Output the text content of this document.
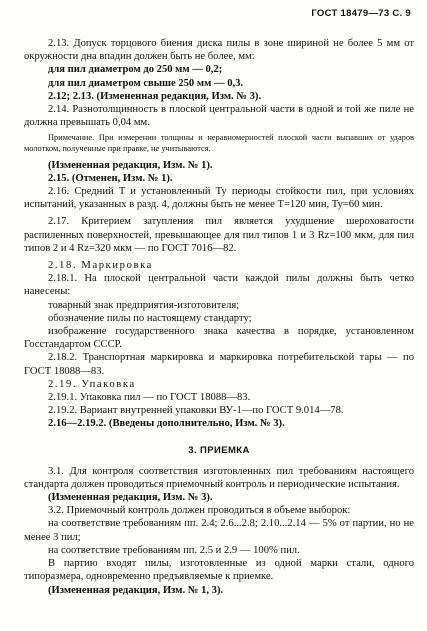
ГОСТ 18479—73 С. 9

2.13. Допуск торцового биения диска пилы в зоне шириной не более 5 мм от окружности дна впадин должен быть не более, мм:

для пил диаметром до 250 мм — 0,2;

для пил диаметром свыше 250 мм — 0,3.

2.12; 2.13. (Измененная редакция, Изм. № 3).

2.14. Разнотолщинность в плоской центральной части в одной и той же пиле не должна превышать 0,04 мм.

Примечание. При измерении толщины и неравномерностей плоской части выпавших от ударов молотком, полученные при правке, не учитываются.

(Измененная редакция, Изм. № 1).

2.15. (Отменен, Изм. № 1).

2.16. Средний T и установленный Ty периоды стойкости пил, при условиях испытаний, указанных в разд. 4, должны быть не менее T=120 мин, Ty=60 мин.

2.17. Критерием затупления пил является ухудшение шероховатости распиленных поверхностей, превышающее для пил типов 1 и 3 Rz=100 мкм, для пил типов 2 и 4 Rz=320 мкм — по ГОСТ 7016—82.

2.18. Маркировка

2.18.1. На плоской центральной части каждой пилы должны быть четко нанесены:

товарный знак предприятия-изготовителя;

обозначение пилы по настоящему стандарту;

изображение государственного знака качества в порядке, установленном Госстандартом СССР.

2.18.2. Транспортная маркировка и маркировка потребительской тары — по ГОСТ 18088—83.

2.19. Упаковка

2.19.1. Упаковка пил — по ГОСТ 18088—83.

2.19.2. Вариант внутренней упаковки ВУ-1—по ГОСТ 9.014—78.

2.16—2.19.2. (Введены дополнительно, Изм. № 3).

3. ПРИЕМКА

3.1. Для контроля соответствия изготовленных пил требованиям настоящего стандарта должен проводиться приемочный контроль и периодические испытания.

(Измененная редакция, Изм. № 3).

3.2. Приемочный контроль должен проводиться в объеме выборок:

на соответствие требованиям пп. 2.4; 2.6...2.8; 2.10...2.14 — 5% от партии, но не менее 3 пил;

на соответствие требованиям пп. 2.5 и 2.9 — 100% пил.

В партию входят пилы, изготовленные из одной марки стали, одного типоразмера, одновременно предъявляемые к приемке.

(Измененная редакция, Изм. № 1, 3).
